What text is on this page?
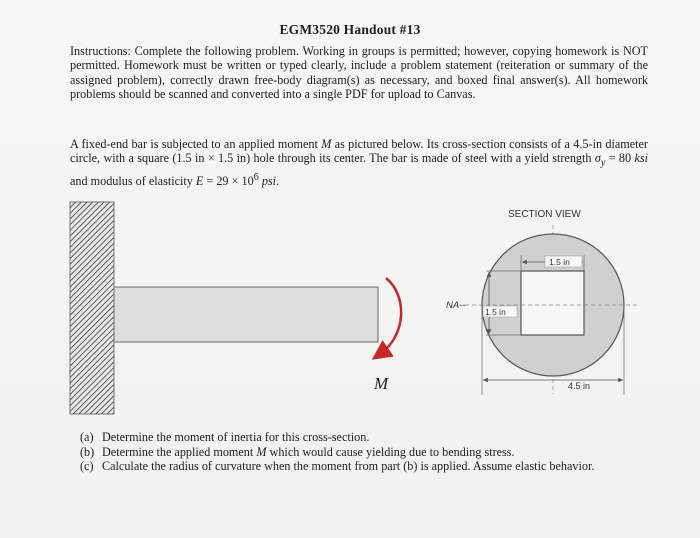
EGM3520 Handout #13
Instructions: Complete the following problem. Working in groups is permitted; however, copying homework is NOT permitted. Homework must be written or typed clearly, include a problem statement (reiteration or summary of the assigned problem), correctly drawn free-body diagram(s) as necessary, and boxed final answer(s). All homework problems should be scanned and converted into a single PDF for upload to Canvas.
A fixed-end bar is subjected to an applied moment M as pictured below. Its cross-section consists of a 4.5-in diameter circle, with a square (1.5 in × 1.5 in) hole through its center. The bar is made of steel with a yield strength $\sigma_y = 80$ ksi and modulus of elasticity $E = 29 \times 10^6$ psi.
M
SECTION VIEW
NA--
1.5 in
1.5 in
4.5 in
(a) Determine the moment of inertia for this cross-section.
(b) Determine the applied moment M which would cause yielding due to bending stress.
(c) Calculate the radius of curvature when the moment from part (b) is applied. Assume elastic behavior.
